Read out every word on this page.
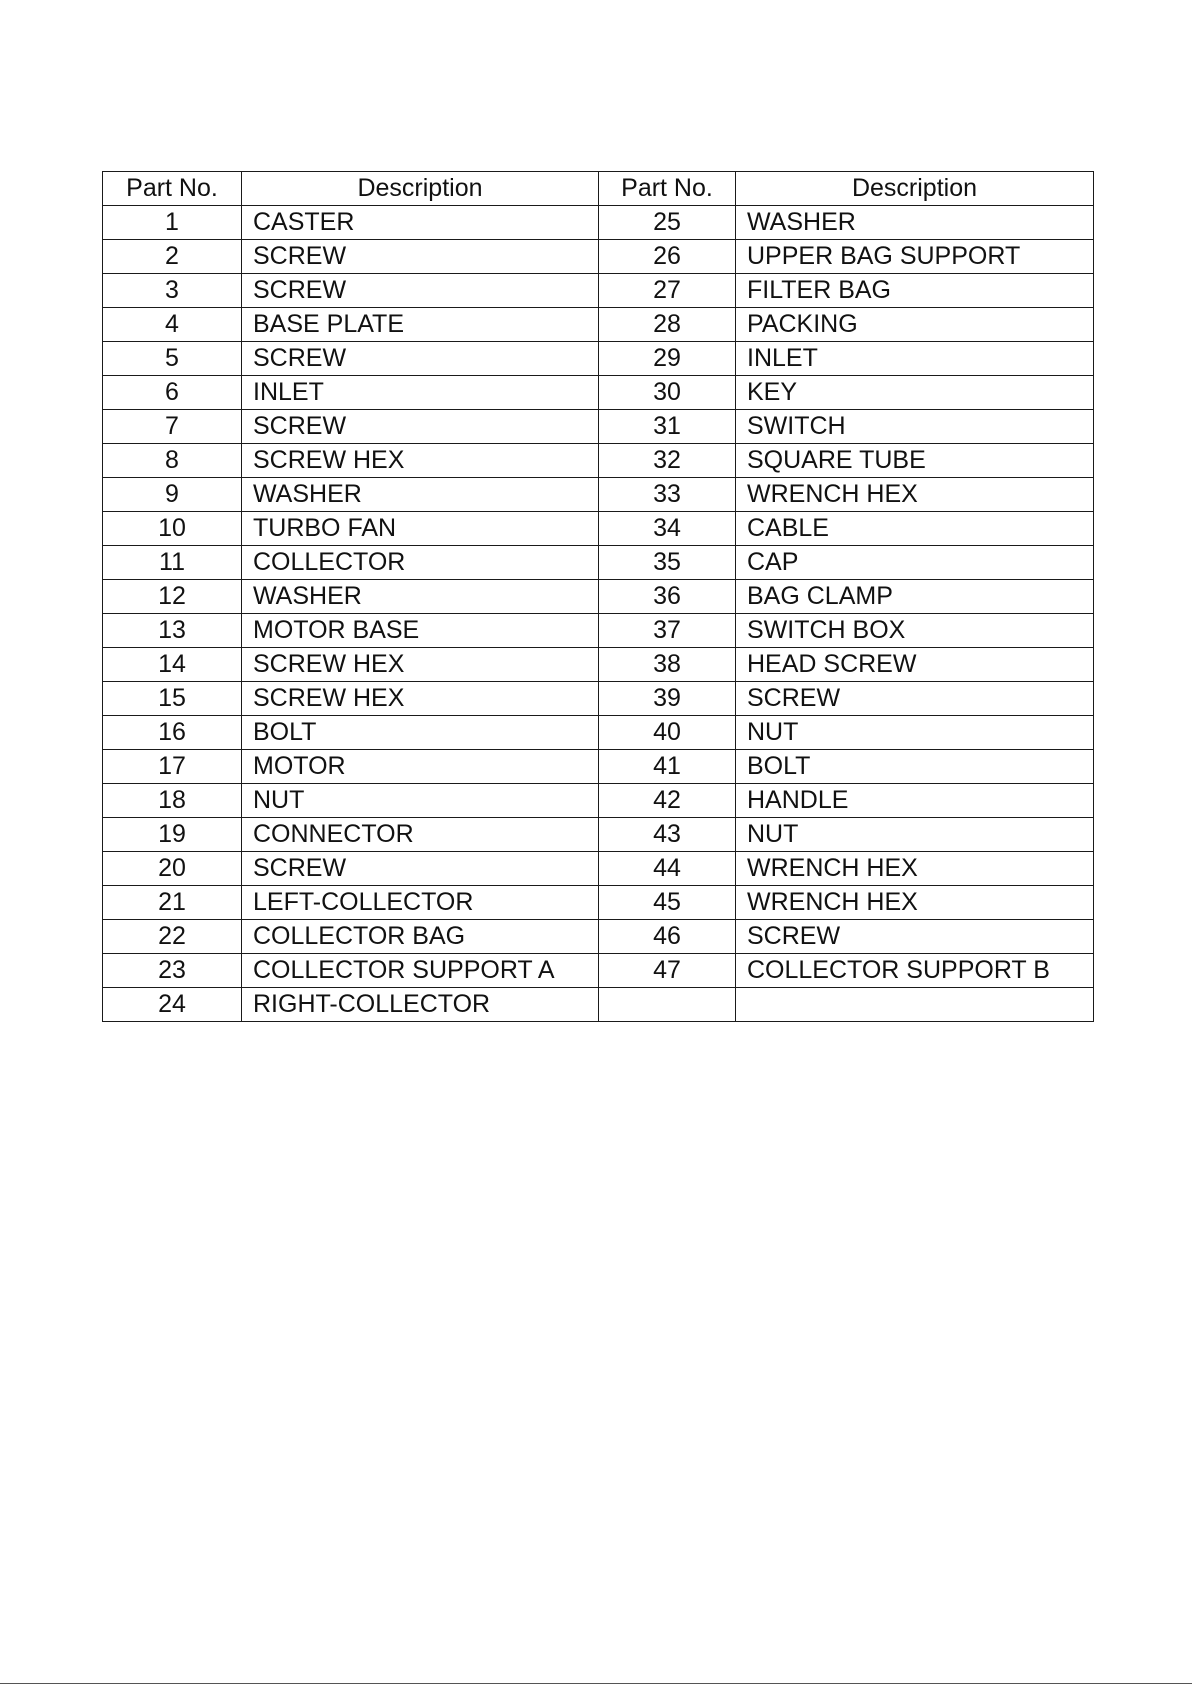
Part No.	Description	Part No.	Description
1	CASTER	25	WASHER
2	SCREW	26	UPPER BAG SUPPORT
3	SCREW	27	FILTER BAG
4	BASE PLATE	28	PACKING
5	SCREW	29	INLET
6	INLET	30	KEY
7	SCREW	31	SWITCH
8	SCREW HEX	32	SQUARE TUBE
9	WASHER	33	WRENCH HEX
10	TURBO FAN	34	CABLE
11	COLLECTOR	35	CAP
12	WASHER	36	BAG CLAMP
13	MOTOR BASE	37	SWITCH BOX
14	SCREW HEX	38	HEAD SCREW
15	SCREW HEX	39	SCREW
16	BOLT	40	NUT
17	MOTOR	41	BOLT
18	NUT	42	HANDLE
19	CONNECTOR	43	NUT
20	SCREW	44	WRENCH HEX
21	LEFT-COLLECTOR	45	WRENCH HEX
22	COLLECTOR BAG	46	SCREW
23	COLLECTOR SUPPORT A	47	COLLECTOR SUPPORT B
24	RIGHT-COLLECTOR		
